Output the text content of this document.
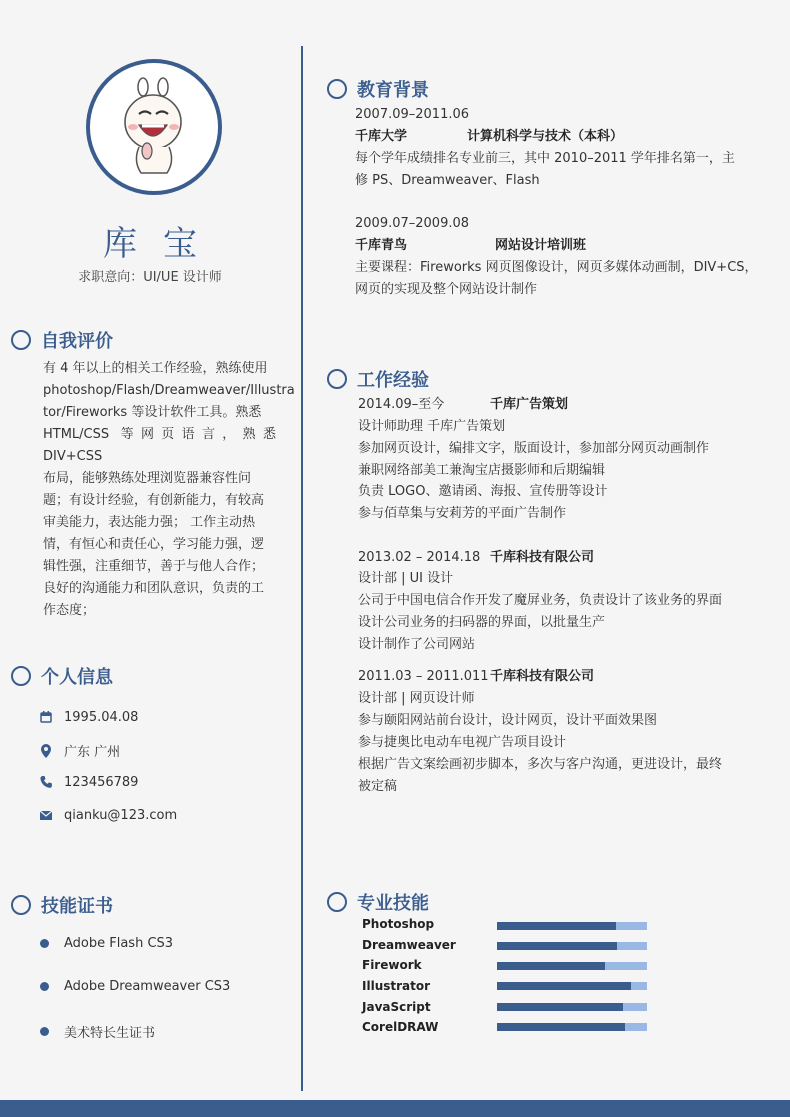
库宝
求职意向：UI/UE 设计师
自我评价
有 4 年以上的相关工作经验，熟练使用
photoshop/Flash/Dreamweaver/Illustra
tor/Fireworks 等设计软件工具。熟悉
HTML/CSS 等网页语言，熟悉 DIV+CSS
布局，能够熟练处理浏览器兼容性问
题；有设计经验，有创新能力，有较高
审美能力，表达能力强； 工作主动热
情，有恒心和责任心，学习能力强，逻
辑性强，注重细节，善于与他人合作；
良好的沟通能力和团队意识，负责的工
作态度；
个人信息
1995.04.08
广东 广州
123456789
qianku@123.com
技能证书
Adobe Flash CS3
Adobe Dreamweaver CS3
美术特长生证书
教育背景
2007.09–2011.06
千库大学	计算机科学与技术（本科）
每个学年成绩排名专业前三，其中 2010–2011 学年排名第一，主
修 PS、Dreamweaver、Flash
2009.07–2009.08
千库青鸟	网站设计培训班
主要课程：Fireworks 网页图像设计，网页多媒体动画制，DIV+CS，
网页的实现及整个网站设计制作
工作经验
2014.09–至今	千库广告策划
设计师助理 千库广告策划
参加网页设计，编排文字，版面设计，参加部分网页动画制作
兼职网络部美工兼淘宝店摄影师和后期编辑
负责 LOGO、邀请函、海报、宣传册等设计
参与佰草集与安莉芳的平面广告制作
2013.02 – 2014.18 千库科技有限公司
设计部 | UI 设计
公司于中国电信合作开发了魔屏业务，负责设计了该业务的界面
设计公司业务的扫码器的界面，以批量生产
设计制作了公司网站
2011.03 – 2011.011 千库科技有限公司
设计部 | 网页设计师
参与颐阳网站前台设计，设计网页，设计平面效果图
参与捷奥比电动车电视广告项目设计
根据广告文案绘画初步脚本，多次与客户沟通，更进设计，最终
被定稿
专业技能
Photoshop
Dreamweaver
Firework
Illustrator
JavaScript
CorelDRAW
